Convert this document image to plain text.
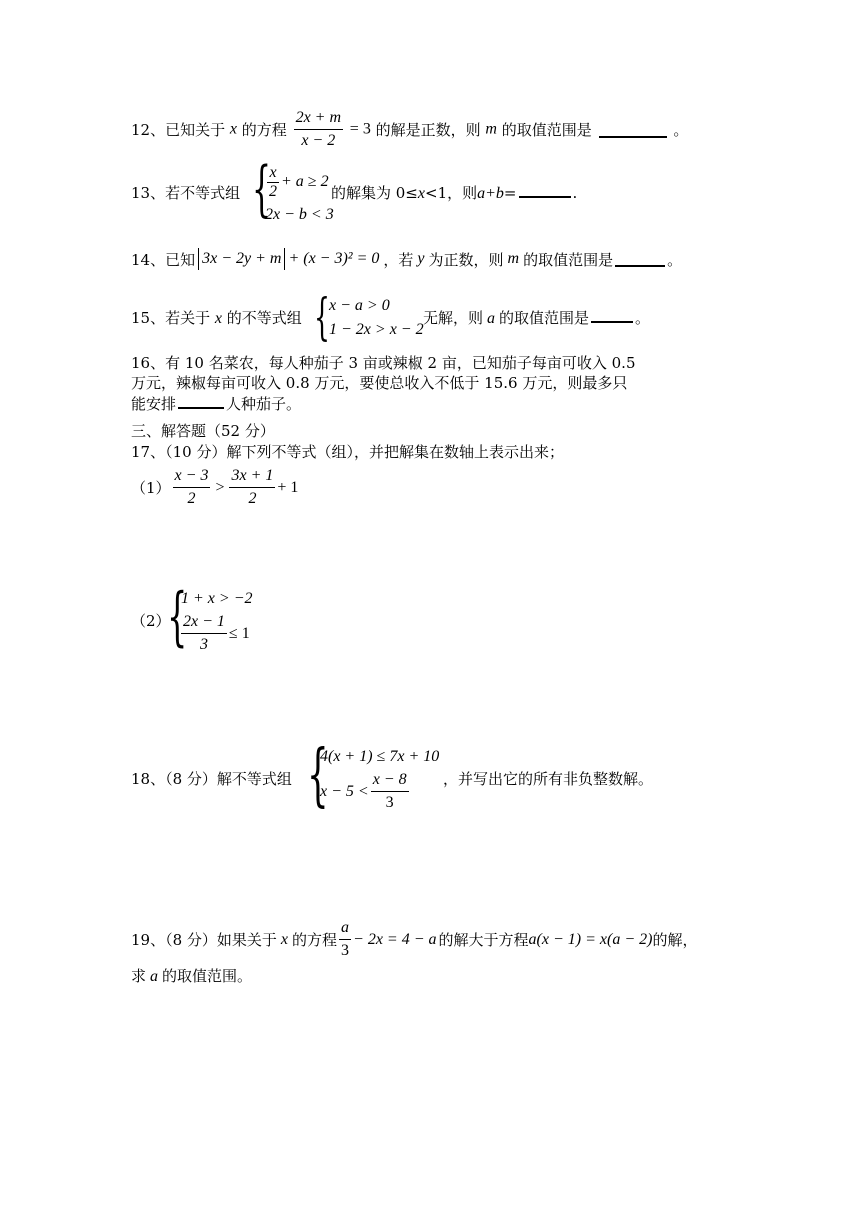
12、已知关于 x 的方程 $\frac{2x + m}{x - 2} = 3$ 的解是正数，则 m 的取值范围是	。
13、若不等式组 {
$\frac{x}{2} + a \ge 2$
2x − b < 3
的解集为 0≤x<1，则a+b=	.
14、已知 3x − 2y + m + (x − 3)² = 0 ，若 y 为正数，则 m 的取值范围是	。
15、若关于 x 的不等式组 { x − a > 0
1 − 2x > x − 2
无解，则 a 的取值范围是	。
16、有 10 名菜农，每人种茄子 3 亩或辣椒 2 亩，已知茄子每亩可收入 0.5
万元，辣椒每亩可收入 0.8 万元，要使总收入不低于 15.6 万元，则最多只
能安排	人种茄子。
三、解答题（52 分）
17、（10 分）解下列不等式（组），并把解集在数轴上表示出来；
$(1) \frac{x - 3}{2} > \frac{3x + 1}{2} + 1$
（2）
{
1 + x > −2
$\frac{2x - 1}{3} \le 1$
18、（8 分）解不等式组 {
4(x + 1) ≤ 7x + 10
$x - 5 < \frac{x - 8}{3}$ ，并写出它的所有非负整数解。
19、（8 分）如果关于 x 的方程 $\frac{a}{3} - 2x = 4 - a$ 的解大于方程 a(x − 1) = x(a − 2) 的解，
求 a 的取值范围。
